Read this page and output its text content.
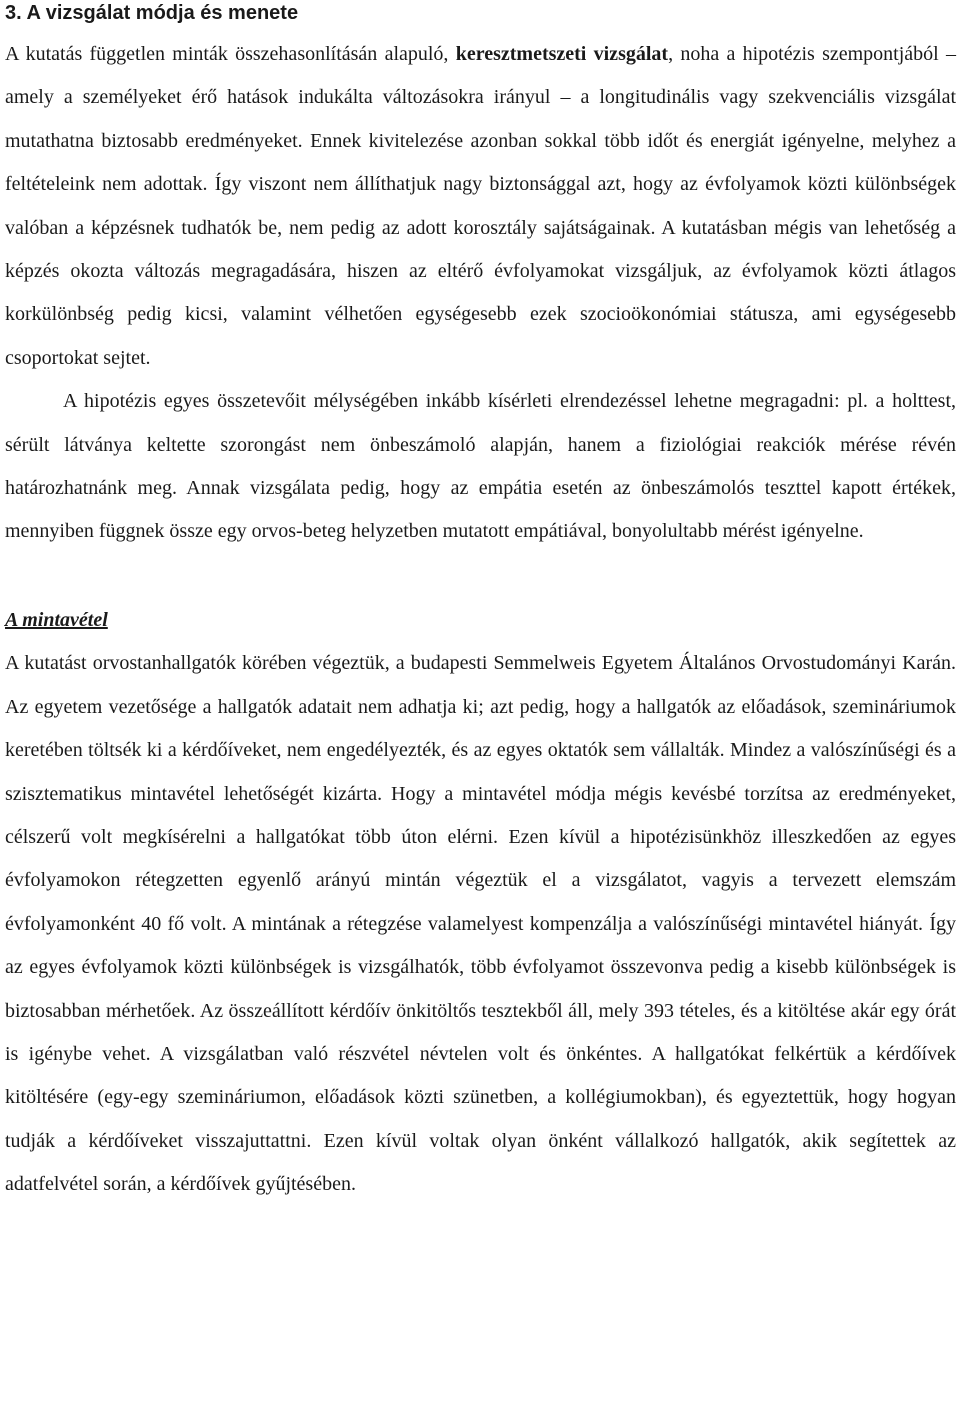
3. A vizsgálat módja és menete

A kutatás független minták összehasonlításán alapuló, keresztmetszeti vizsgálat, noha a hipotézis szempontjából – amely a személyeket érő hatások indukálta változásokra irányul – a longitudinális vagy szekvenciális vizsgálat mutathatna biztosabb eredményeket. Ennek kivitelezése azonban sokkal több időt és energiát igényelne, melyhez a feltételeink nem adottak. Így viszont nem állíthatjuk nagy biztonsággal azt, hogy az évfolyamok közti különbségek valóban a képzésnek tudhatók be, nem pedig az adott korosztály sajátságainak. A kutatásban mégis van lehetőség a képzés okozta változás megragadására, hiszen az eltérő évfolyamokat vizsgáljuk, az évfolyamok közti átlagos korkülönbség pedig kicsi, valamint vélhetően egységesebb ezek szocioökonómiai státusza, ami egységesebb csoportokat sejtet.

A hipotézis egyes összetevőit mélységében inkább kísérleti elrendezéssel lehetne megragadni: pl. a holttest, sérült látványa keltette szorongást nem önbeszámoló alapján, hanem a fiziológiai reakciók mérése révén határozhatnánk meg. Annak vizsgálata pedig, hogy az empátia esetén az önbeszámolós teszttel kapott értékek, mennyiben függnek össze egy orvos-beteg helyzetben mutatott empátiával, bonyolultabb mérést igényelne.

A mintavétel

A kutatást orvostanhallgatók körében végeztük, a budapesti Semmelweis Egyetem Általános Orvostudományi Karán. Az egyetem vezetősége a hallgatók adatait nem adhatja ki; azt pedig, hogy a hallgatók az előadások, szemináriumok keretében töltsék ki a kérdőíveket, nem engedélyezték, és az egyes oktatók sem vállalták. Mindez a valószínűségi és a szisztematikus mintavétel lehetőségét kizárta. Hogy a mintavétel módja mégis kevésbé torzítsa az eredményeket, célszerű volt megkísérelni a hallgatókat több úton elérni. Ezen kívül a hipotézisünkhöz illeszkedően az egyes évfolyamokon rétegzetten egyenlő arányú mintán végeztük el a vizsgálatot, vagyis a tervezett elemszám évfolyamonként 40 fő volt. A mintának a rétegzése valamelyest kompenzálja a valószínűségi mintavétel hiányát. Így az egyes évfolyamok közti különbségek is vizsgálhatók, több évfolyamot összevonva pedig a kisebb különbségek is biztosabban mérhetőek. Az összeállított kérdőív önkitöltős tesztekből áll, mely 393 tételes, és a kitöltése akár egy órát is igénybe vehet. A vizsgálatban való részvétel névtelen volt és önkéntes. A hallgatókat felkértük a kérdőívek kitöltésére (egy-egy szemináriumon, előadások közti szünetben, a kollégiumokban), és egyeztettük, hogy hogyan tudják a kérdőíveket visszajuttattni. Ezen kívül voltak olyan önként vállalkozó hallgatók, akik segítettek az adatfelvétel során, a kérdőívek gyűjtésében.
